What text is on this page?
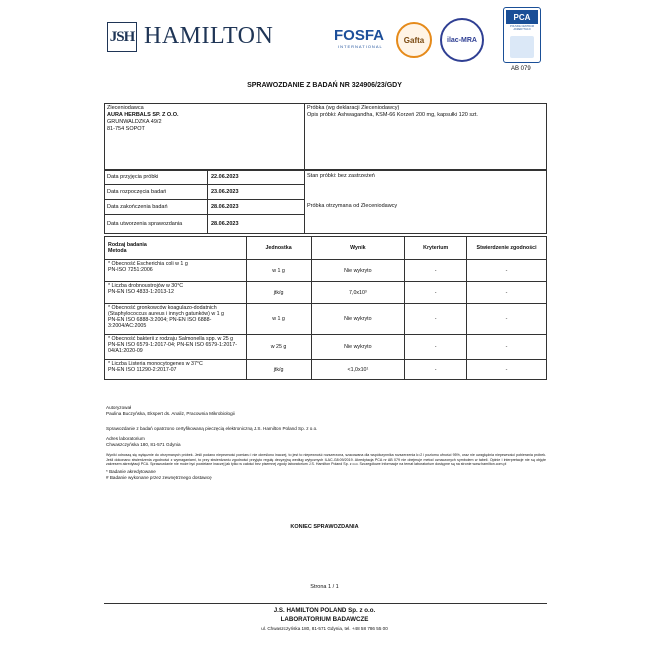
JSH HAMILTON	FOSFA
INTERNATIONAL
Gafta	ilac-MRA
PCA
POLSKIE CENTRUM AKREDYTACJI
AB 079
SPRAWOZDANIE Z BADAŃ NR 324906/23/GDY
Zleceniodawca
AURA HERBALS SP. Z O.O.
GRUNWALDZKA 49/2
81-754 SOPOT
Próbka (wg deklaracji Zleceniodawcy)
Opis próbki: Ashwagandha, KSM-66 Korzeń 200 mg, kapsułki 120 szt.
Data przyjęcia próbki	22.06.2023
Data rozpoczęcia badań	23.06.2023
Data zakończenia badań	28.06.2023
Data utworzenia sprawozdania	28.06.2023
Stan próbki: bez zastrzeżeń
Próbka otrzymana od Zleceniodawcy
Rodzaj badania
Metoda	Jednostka	Wynik	Kryterium	Stwierdzenie zgodności
* Obecność Escherichia coli w 1 g
PN-ISO 7251:2006	w 1 g	Nie wykryto	-	-
* Liczba drobnoustrojów w 30°C
PN-EN ISO 4833-1:2013-12	jtk/g	7,0x10³	-	-
* Obecność gronkowców koagulazo-dodatnich (Staphylococcus aureus i innych gatunków) w 1 g
PN-EN ISO 6888-3:2004; PN-EN ISO 6888-3:2004/AC:2005	w 1 g	Nie wykryto	-	-
* Obecność bakterii z rodzaju Salmonella spp. w 25 g
PN-EN ISO 6579-1:2017-04; PN-EN ISO 6579-1:2017-04/A1:2020-09	w 25 g	Nie wykryto	-	-
* Liczba Listeria monocytogenes w 37°C
PN-EN ISO 11290-2:2017-07	jtk/g	<1,0x10¹	-	-
Autoryzował
Paulina Buczyńska, Ekspert ds. Analiz, Pracownia Mikrobiologii
Sprawozdanie z badań opatrzono certyfikowaną pieczęcią elektroniczną J.S. Hamilton Poland Sp. z o.o.
Adres laboratorium
Chwaszczyńska 180, 81-571 Gdynia
Wyniki odnoszą się wyłącznie do otrzymanych próbek. Jeśli podano niepewność pomiaru i nie określono inaczej, to jest to niepewność rozszerzona, szacowana dla współczynnika rozszerzenia k=2 i poziomu ufności 95%, oraz nie uwzględnia niepewności pobierania próbek. Jeśli dokonano stwierdzenia zgodności z wymaganiami, to przy stwierdzaniu zgodności przyjęto regułę decyzyjną według wytycznych ILAC-G8:09/2019. Akredytacja PCA nr AB 079 nie obejmuje metod oznaczonych symbolem w tabeli. Opinie i interpretacje nie są objęte zakresem akredytacji PCA. Sprawozdanie nie może być powielane inaczej jak tylko w całości bez pisemnej zgody laboratorium J.S. Hamilton Poland Sp. z o.o. Szczegółowe informacje na temat laboratorium dostępne są na stronie www.hamilton.com.pl
* Badanie akredytowane
# Badanie wykonane przez zewnętrznego dostawcę
KONIEC SPRAWOZDANIA
Strona 1 / 1
J.S. HAMILTON POLAND Sp. z o.o.
LABORATORIUM BADAWCZE
ul. Chwaszczyńska 180, 81-571 Gdynia, tel. +48 58 786 55 00
